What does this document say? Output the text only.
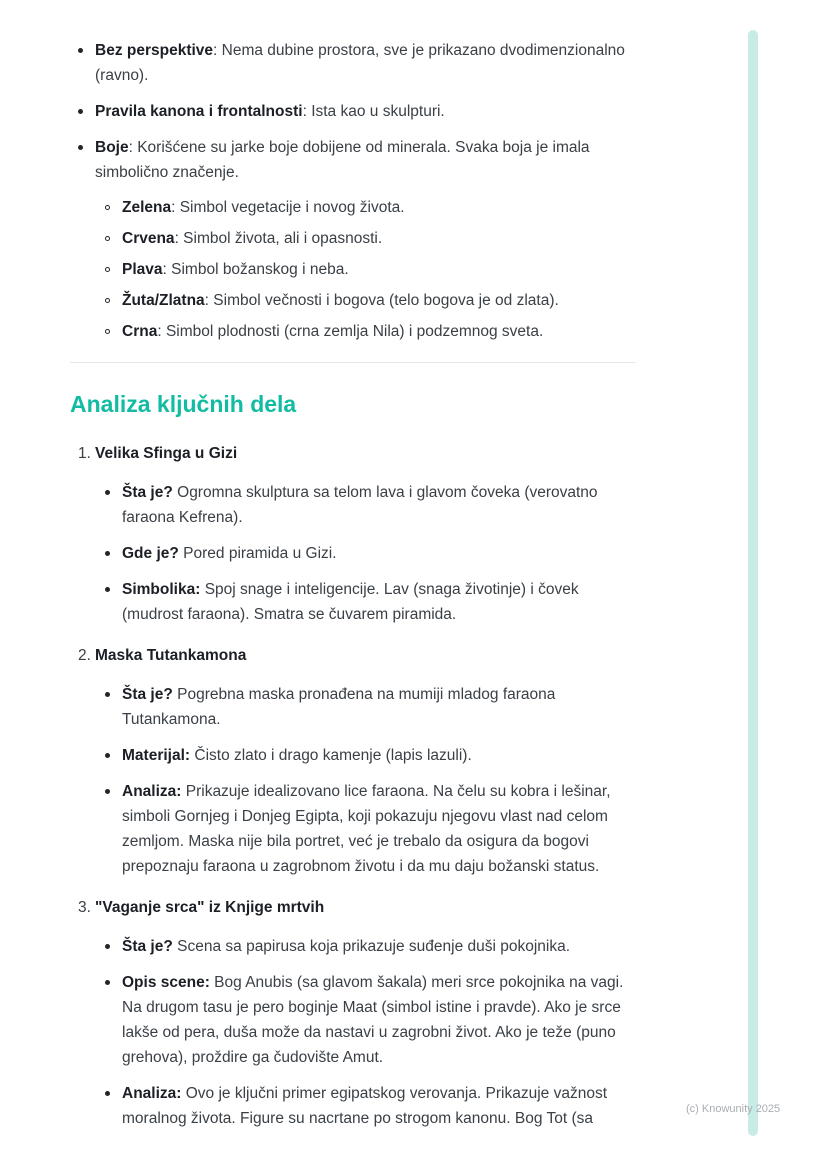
Bez perspektive: Nema dubine prostora, sve je prikazano dvodimenzionalno (ravno).

Pravila kanona i frontalnosti: Ista kao u skulpturi.

Boje: Korišćene su jarke boje dobijene od minerala. Svaka boja je imala simbolično značenje.

Zelena: Simbol vegetacije i novog života.

Crvena: Simbol života, ali i opasnosti.

Plava: Simbol božanskog i neba.

Žuta/Zlatna: Simbol večnosti i bogova (telo bogova je od zlata).

Crna: Simbol plodnosti (crna zemlja Nila) i podzemnog sveta.

Analiza ključnih dela
1. Velika Sfinga u Gizi

Šta je? Ogromna skulptura sa telom lava i glavom čoveka (verovatno faraona Kefrena).

Gde je? Pored piramida u Gizi.

Simbolika: Spoj snage i inteligencije. Lav (snaga životinje) i čovek (mudrost faraona). Smatra se čuvarem piramida.

2. Maska Tutankamona

Šta je? Pogrebna maska pronađena na mumiji mladog faraona Tutankamona.

Materijal: Čisto zlato i drago kamenje (lapis lazuli).

Analiza: Prikazuje idealizovano lice faraona. Na čelu su kobra i lešinar, simboli Gornjeg i Donjeg Egipta, koji pokazuju njegovu vlast nad celom zemljom. Maska nije bila portret, već je trebalo da osigura da bogovi prepoznaju faraona u zagrobnom životu i da mu daju božanski status.

3. "Vaganje srca" iz Knjige mrtvih

Šta je? Scena sa papirusa koja prikazuje suđenje duši pokojnika.

Opis scene: Bog Anubis (sa glavom šakala) meri srce pokojnika na vagi. Na drugom tasu je pero boginje Maat (simbol istine i pravde). Ako je srce lakše od pera, duša može da nastavi u zagrobni život. Ako je teže (puno grehova), proždire ga čudovište Amut.

Analiza: Ovo je ključni primer egipatskog verovanja. Prikazuje važnost moralnog života. Figure su nacrtane po strogom kanonu. Bog Tot (sa

(c) Knowunity 2025
